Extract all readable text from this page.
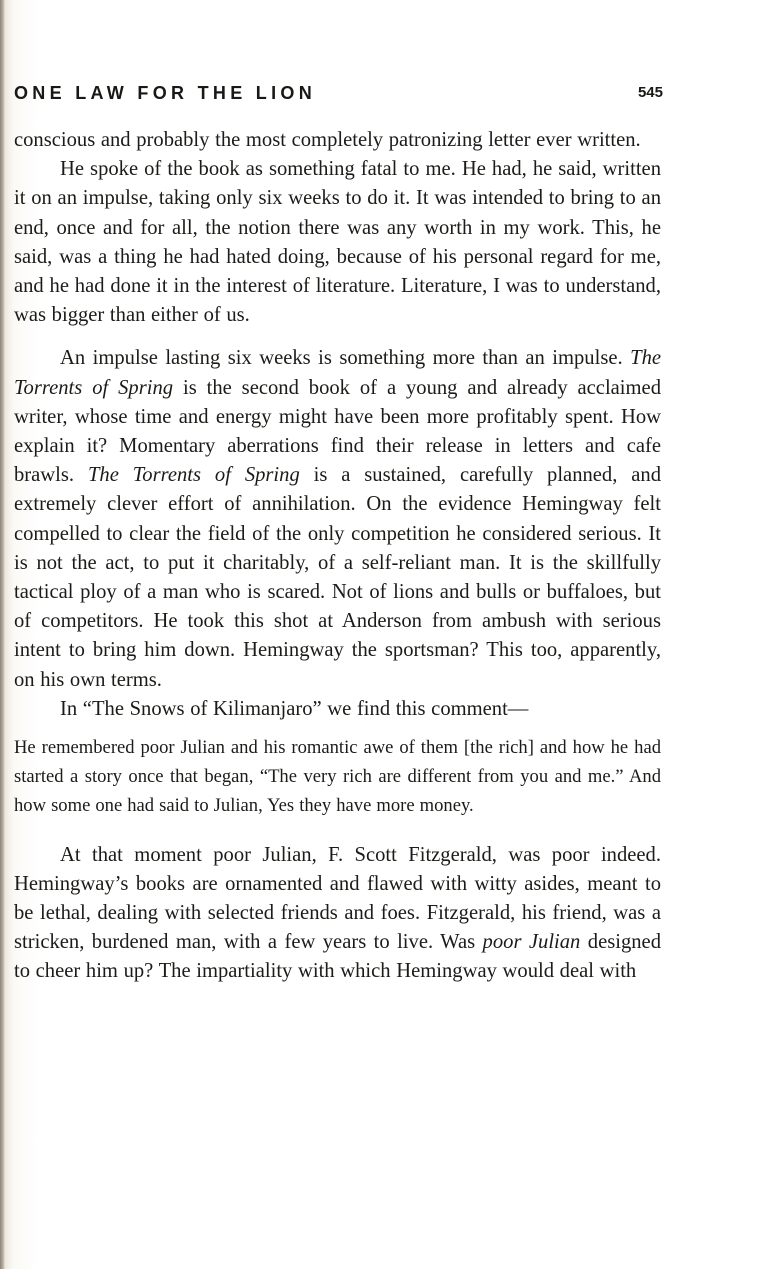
ONE LAW FOR THE LION	545

conscious and probably the most completely patronizing letter ever written.

He spoke of the book as something fatal to me. He had, he said, written it on an impulse, taking only six weeks to do it. It was intended to bring to an end, once and for all, the notion there was any worth in my work. This, he said, was a thing he had hated doing, because of his personal regard for me, and he had done it in the interest of literature. Literature, I was to understand, was bigger than either of us.

An impulse lasting six weeks is something more than an impulse. The Torrents of Spring is the second book of a young and already acclaimed writer, whose time and energy might have been more profitably spent. How explain it? Momentary aberrations find their release in letters and cafe brawls. The Torrents of Spring is a sustained, carefully planned, and extremely clever effort of annihilation. On the evidence Hemingway felt compelled to clear the field of the only competition he considered serious. It is not the act, to put it charitably, of a self-reliant man. It is the skillfully tactical ploy of a man who is scared. Not of lions and bulls or buffaloes, but of competitors. He took this shot at Anderson from ambush with serious intent to bring him down. Hemingway the sportsman? This too, apparently, on his own terms.

In “The Snows of Kilimanjaro” we find this comment—

He remembered poor Julian and his romantic awe of them [the rich] and how he had started a story once that began, “The very rich are different from you and me.” And how some one had said to Julian, Yes they have more money.

At that moment poor Julian, F. Scott Fitzgerald, was poor indeed. Hemingway’s books are ornamented and flawed with witty asides, meant to be lethal, dealing with selected friends and foes. Fitzgerald, his friend, was a stricken, burdened man, with a few years to live. Was poor Julian designed to cheer him up? The impartiality with which Hemingway would deal with
